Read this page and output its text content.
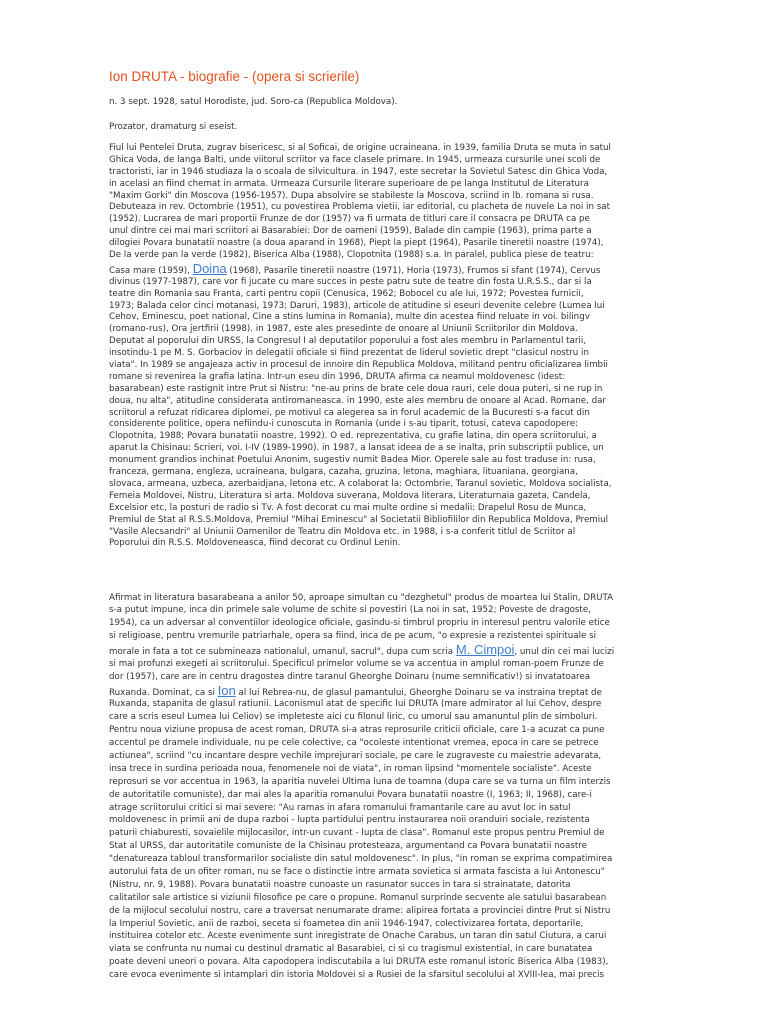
Ion DRUTA - biografie - (opera si scrierile)
n. 3 sept. 1928, satul Horodiste, jud. Soro-ca (Republica Moldova).
Prozator, dramaturg si eseist.
Fiul lui Pentelei Druta, zugrav bisericesc, si al Soficai, de origine ucraineana. in 1939, familia Druta se muta in satul
Ghica Voda, de langa Balti, unde viitorul scriitor va face clasele primare. In 1945, urmeaza cursurile unei scoli de
tractoristi, iar in 1946 studiaza la o scoala de silvicultura. in 1947, este secretar la Sovietul Satesc din Ghica Voda,
in acelasi an fiind chemat in armata. Urmeaza Cursurile literare superioare de pe langa Institutul de Literatura
"Maxim Gorki" din Moscova (1956-1957). Dupa absolvire se stabileste la Moscova, scriind in lb. romana si rusa.
Debuteaza in rev. Octombrie (1951), cu povestirea Problema vietii, iar editorial, cu placheta de nuvele La noi in sat
(1952). Lucrarea de mari proportii Frunze de dor (1957) va fi urmata de titluri care il consacra pe DRUTA ca pe
unul dintre cei mai mari scriitori ai Basarabiei: Dor de oameni (1959), Balade din campie (1963), prima parte a
dilogiei Povara bunatatii noastre (a doua aparand in 1968), Piept la piept (1964), Pasarile tineretii noastre (1974),
De la verde pan la verde (1982), Biserica Alba (1988), Clopotnita (1988) s.a. In paralel, publica piese de teatru:
Casa mare (1959), Doina (1968), Pasarile tineretii noastre (1971), Horia (1973), Frumos si sfant (1974), Cervus
divinus (1977-1987), care vor fi jucate cu mare succes in peste patru sute de teatre din fosta U.R.S.S., dar si la
teatre din Romania sau Franta, carti pentru copii (Cenusica, 1962; Bobocel cu ale lui, 1972; Povestea furnicii,
1973; Balada celor cinci motanasi, 1973; Daruri, 1983), articole de atitudine si eseuri devenite celebre (Lumea lui
Cehov, Eminescu, poet national, Cine a stins lumina in Romania), multe din acestea fiind reluate in voi. bilingv
(romano-rus), Ora jertfirii (1998). in 1987, este ales presedinte de onoare al Uniunii Scriitorilor din Moldova.
Deputat al poporului din URSS, la Congresul I al deputatilor poporului a fost ales membru in Parlamentul tarii,
insotindu-1 pe M. S. Gorbaciov in delegatii oficiale si fiind prezentat de liderul sovietic drept "clasicul nostru in
viata". In 1989 se angajeaza activ in procesul de innoire din Republica Moldova, militand pentru oficializarea limbii
romane si revenirea la grafia latina. Intr-un eseu din 1996, DRUTA afirma ca neamul moldovenesc (idest:
basarabean) este rastignit intre Prut si Nistru: "ne-au prins de brate cele doua rauri, cele doua puteri, si ne rup in
doua, nu alta", atitudine considerata antiromaneasca. in 1990, este ales membru de onoare al Acad. Romane, dar
scriitorul a refuzat ridicarea diplomei, pe motivul ca alegerea sa in forul academic de la Bucuresti s-a facut din
considerente politice, opera nefiindu-i cunoscuta in Romania (unde i s-au tiparit, totusi, cateva capodopere:
Clopotnita, 1988; Povara bunatatii noastre, 1992). O ed. reprezentativa, cu grafie latina, din opera scriitorului, a
aparut la Chisinau: Scrieri, voi. I-IV (1989-1990). in 1987, a lansat ideea de a se inalta, prin subscriptii publice, un
monument grandios inchinat Poetului Anonim, sugestiv numit Badea Mior. Operele sale au fost traduse in: rusa,
franceza, germana, engleza, ucraineana, bulgara, cazaha, gruzina, letona, maghiara, lituaniana, georgiana,
slovaca, armeana, uzbeca, azerbaidjana, letona etc. A colaborat la: Octombrie, Taranul sovietic, Moldova socialista,
Femeia Moldovei, Nistru, Literatura si arta. Moldova suverana, Moldova literara, Literaturnaia gazeta, Candela,
Excelsior etc, la posturi de radio si Tv. A fost decorat cu mai multe ordine si medalii: Drapelul Rosu de Munca,
Premiul de Stat al R.S.S.Moldova, Premiul "Mihai Eminescu" al Societatii Bibliofililor din Republica Moldova, Premiul
"Vasile Alecsandri" al Uniunii Oamenilor de Teatru din Moldova etc. in 1988, i s-a conferit titlul de Scriitor al
Poporului din R.S.S. Moldoveneasca, fiind decorat cu Ordinul Lenin.
Afirmat in literatura basarabeana a anilor 50, aproape simultan cu "dezghetul" produs de moartea lui Stalin, DRUTA
s-a putut impune, inca din primele sale volume de schite si povestiri (La noi in sat, 1952; Poveste de dragoste,
1954), ca un adversar al conventiilor ideologice oficiale, gasindu-si timbrul propriu in interesul pentru valorile etice
si religioase, pentru vremurile patriarhale, opera sa fiind, inca de pe acum, "o expresie a rezistentei spirituale si
morale in fata a tot ce submineaza nationalul, umanul, sacrul", dupa cum scria M. Cimpoi, unul din cei mai lucizi
si mai profunzi exegeti ai scriitorului. Specificul primelor volume se va accentua in amplul roman-poem Frunze de
dor (1957), care are in centru dragostea dintre taranul Gheorghe Doinaru (nume semnificativ!) si invatatoarea
Ruxanda. Dominat, ca si Ion al lui Rebrea-nu, de glasul pamantului, Gheorghe Doinaru se va instraina treptat de
Ruxanda, stapanita de glasul ratiunii. Laconismul atat de specific lui DRUTA (mare admirator al lui Cehov, despre
care a scris eseul Lumea lui Celiov) se impleteste aici cu filonul liric, cu umorul sau amanuntul plin de simboluri.
Pentru noua viziune propusa de acest roman, DRUTA si-a atras reprosurile criticii oficiale, care 1-a acuzat ca pune
accentul pe dramele individuale, nu pe cele colective, ca "ocoleste intentionat vremea, epoca in care se petrece
actiunea", scriind "cu incantare despre vechile imprejurari sociale, pe care le zugraveste cu maiestrie adevarata,
insa trece in surdina perioada noua, fenomenele noi de viata", in roman lipsind "momentele socialiste". Aceste
reprosuri se vor accentua in 1963, la aparitia nuvelei Ultima luna de toamna (dupa care se va turna un film interzis
de autoritatile comuniste), dar mai ales la aparitia romanului Povara bunatatii noastre (I, 1963; II, 1968), care-i
atrage scriitorului critici si mai severe: "Au ramas in afara romanului framantarile care au avut loc in satul
moldovenesc in primii ani de dupa razboi - lupta partidului pentru instaurarea noii oranduiri sociale, rezistenta
paturii chiaburesti, sovaielile mijlocasilor, intr-un cuvant - lupta de clasa". Romanul este propus pentru Premiul de
Stat al URSS, dar autoritatile comuniste de la Chisinau protesteaza, argumentand ca Povara bunatatii noastre
"denatureaza tabloul transformarilor socialiste din satul moldovenesc". In plus, "in roman se exprima compatimirea
autorului fata de un ofiter roman, nu se face o distinctie intre armata sovietica si armata fascista a lui Antonescu"
(Nistru, nr. 9, 1988). Povara bunatatii noastre cunoaste un rasunator succes in tara si strainatate, datorita
calitatilor sale artistice si viziunii filosofice pe care o propune. Romanul surprinde secvente ale satului basarabean
de la mijlocul secolului nostru, care a traversat nenumarate drame: alipirea fortata a provinciei dintre Prut si Nistru
la Imperiul Sovietic, anii de razboi, seceta si foametea din anii 1946-1947, colectivizarea fortata, deportarile,
instituirea cotelor etc. Aceste evenimente sunt inregistrate de Onache Carabus, un taran din satul Ciutura, a carui
viata se confrunta nu numai cu destinul dramatic al Basarabiei, ci si cu tragismul existential, in care bunatatea
poate deveni uneori o povara. Alta capodopera indiscutabila a lui DRUTA este romanul istoric Biserica Alba (1983),
care evoca evenimente si intamplari din istoria Moldovei si a Rusiei de la sfarsitul secolului al XVIII-lea, mai precis
